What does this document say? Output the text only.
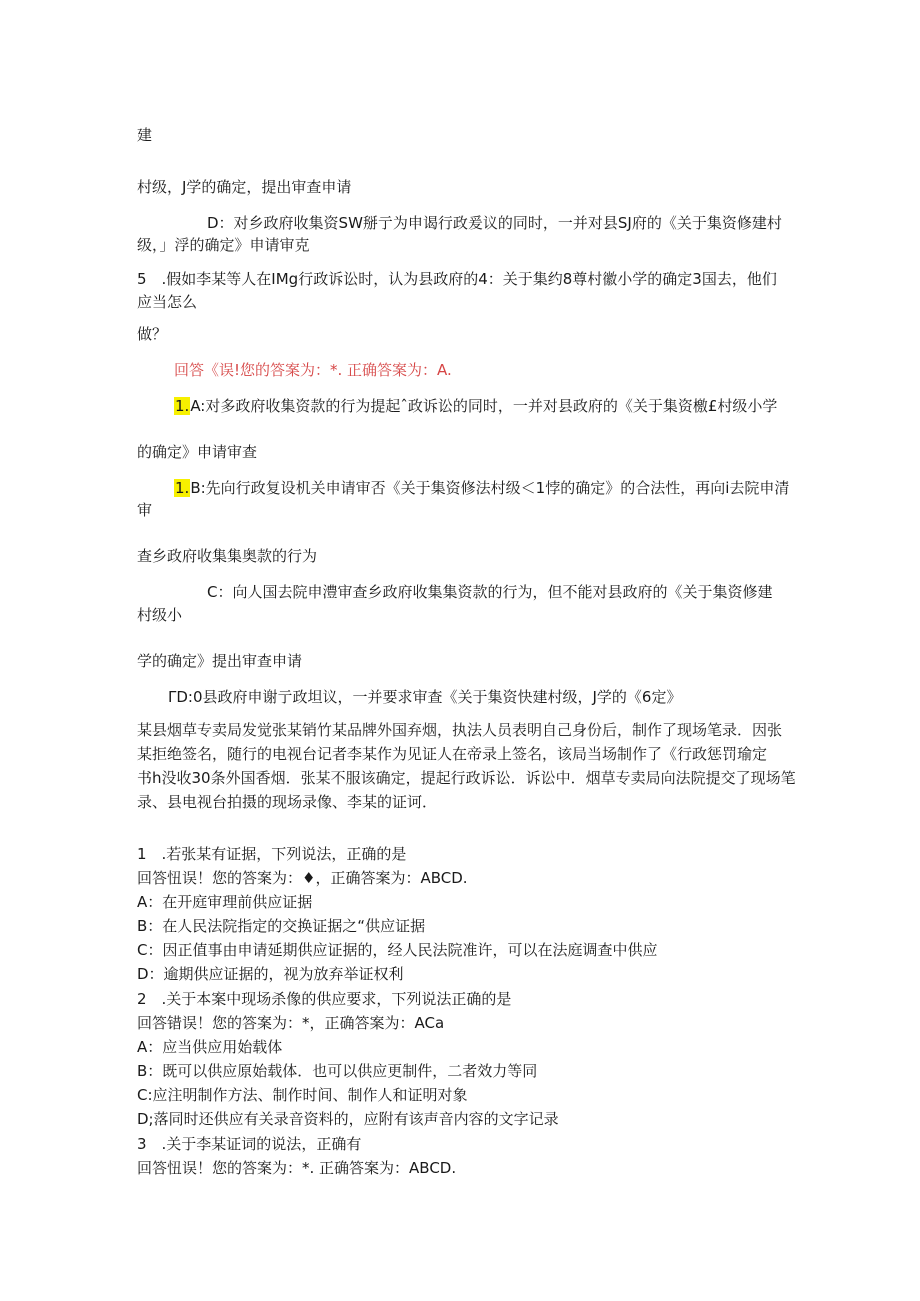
建

村级，J学的确定，提出审查申请

D：对乡政府收集资SW掰亍为申谒行政爰议的同时，一并对县SJ府的《关于集资修建村

级，」浮的确定》申请审克

5　.假如李某等人在IMg行政诉讼时，认为县政府的4：关于集约8尊村徽小学的确定3国去，他们

应当怎么

做？

回答《误!您的答案为：*. 正确答案为：A.

1.A:对多政府收集资款的行为提起ˆ政诉讼的同时，一并对县政府的《关于集资檄£村级小学

的确定》申请审查

1.B:先向行政复设机关申请审否《关于集资修法村级＜1悖的确定》的合法性，再向i去院申清

审

查乡政府收集集奥款的行为

C：向人国去院申澧审查乡政府收集集资款的行为，但不能对县政府的《关于集资修建

村级小

学的确定》提出审查申请

ΓD:0县政府申谢亍政坦议，一并要求审查《关于集资快建村级，J学的《6定》

某县烟草专卖局发觉张某销竹某品牌外国弃烟，执法人员表明自己身份后，制作了现场笔录．因张

某拒绝签名，随行的电视台记者李某作为见证人在帝录上签名，该局当场制作了《行政惩罚瑜定

书h没收30条外国香烟．张某不服该确定，提起行政诉讼．诉讼中．烟草专卖局向法院提交了现场笔

录、县电视台拍摄的现场录像、李某的证诃．

1　.若张某有证据，下列说法，正确的是

回答忸误！您的答案为：♦，正确答案为：ABCD.

A：在开庭审理前供应证据

B：在人民法院指定的交换证据之“供应证据

C：因正值事由申请延期供应证据的，经人民法院准许，可以在法庭调查中供应

D：逾期供应证据的，视为放弃举证权利

2　.关于本案中现场杀像的供应要求，下列说法正确的是

回答错误！您的答案为：*，正确答案为：ACa

A：应当供应用始载体

B：既可以供应原始载体．也可以供应更制件，二者效力等同

C:应注明制作方法、制作时间、制作人和证明对象

D;落同时还供应有关录音资料的，应附有该声音内容的文字记录

3　.关于李某证词的说法，正确有

回答忸误！您的答案为：*. 正确答案为：ABCD.
